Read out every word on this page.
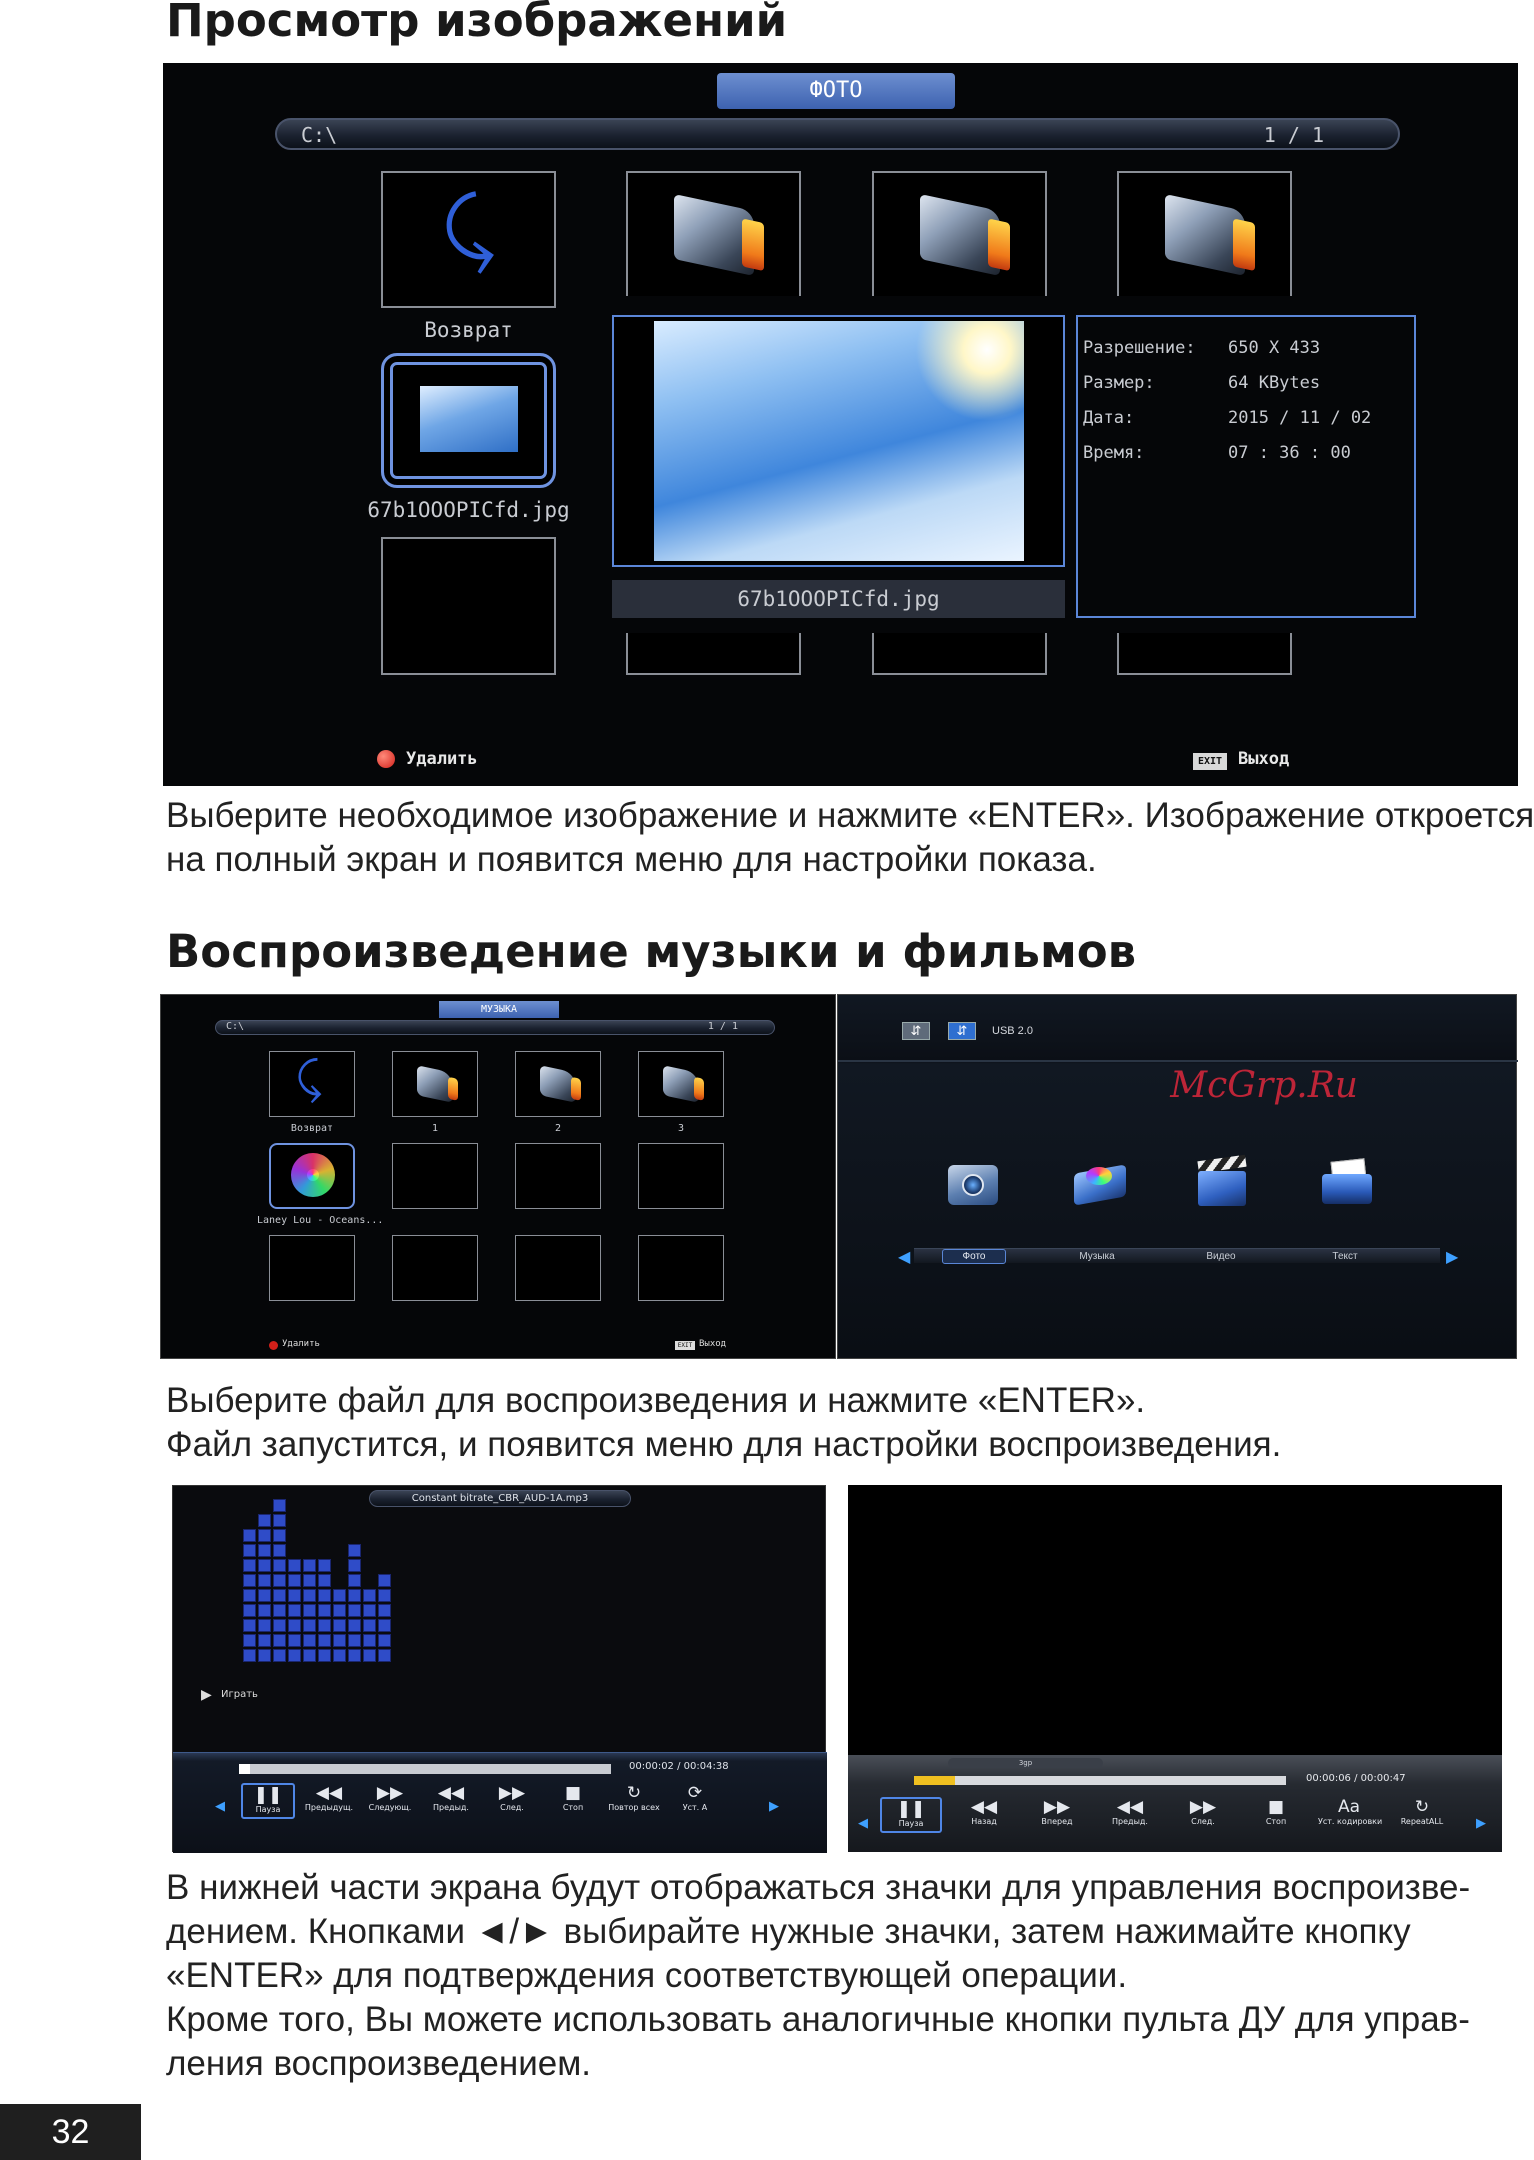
Просмотр изображений
ФОТО
C:\	1 / 1
⤹
Возврат
67b1OOOPICfd.jpg
67b1OOOPICfd.jpg
Разрешение: 650 X 433
Размер:	64 KBytes
Дата:	2015 / 11 / 02
Время:	07 : 36 : 00
Удалить	EXIT Выход
Выберите необходимое изображение и нажмите «ENTER». Изображение откроется
на полный экран и появится меню для настройки показа.
Воспроизведение музыки и фильмов
МУЗЫКА
C:\	1 / 1
⤹
Возврат	1	2	3
Laney Lou - Oceans...
Удалить	EXIT Выход
⇵	⇵	USB 2.0
McGrp.Ru
◀	Фото	Музыка	Видео	Текст	▶
Выберите файл для воспроизведения и нажмите «ENTER».
Файл запустится, и появится меню для настройки воспроизведения.
Constant bitrate_CBR_AUD-1A.mp3
▶ Играть
00:00:02 / 00:04:38
◀	▶
❚❚
Пауза
◀◀
Предыдущ.
▶▶
Следующ.
◀◀
Предыд.
▶▶
След.
■
Стоп
↻
Повтор всех
⟳
Уст. A
3gp
00:00:06 / 00:00:47
◀	▶
❚❚
Пауза
◀◀
Назад
▶▶
Вперед
◀◀
Предыд.
▶▶
След.
■
Стоп
Aa
Уст. кодировки
↻
RepeatALL
В нижней части экрана будут отображаться значки для управления воспроизве-
дением. Кнопками ◄/► выбирайте нужные значки, затем нажимайте кнопку
«ENTER» для подтверждения соответствующей операции.
Кроме того, Вы можете использовать аналогичные кнопки пульта ДУ для управ-
ления воспроизведением.
32
